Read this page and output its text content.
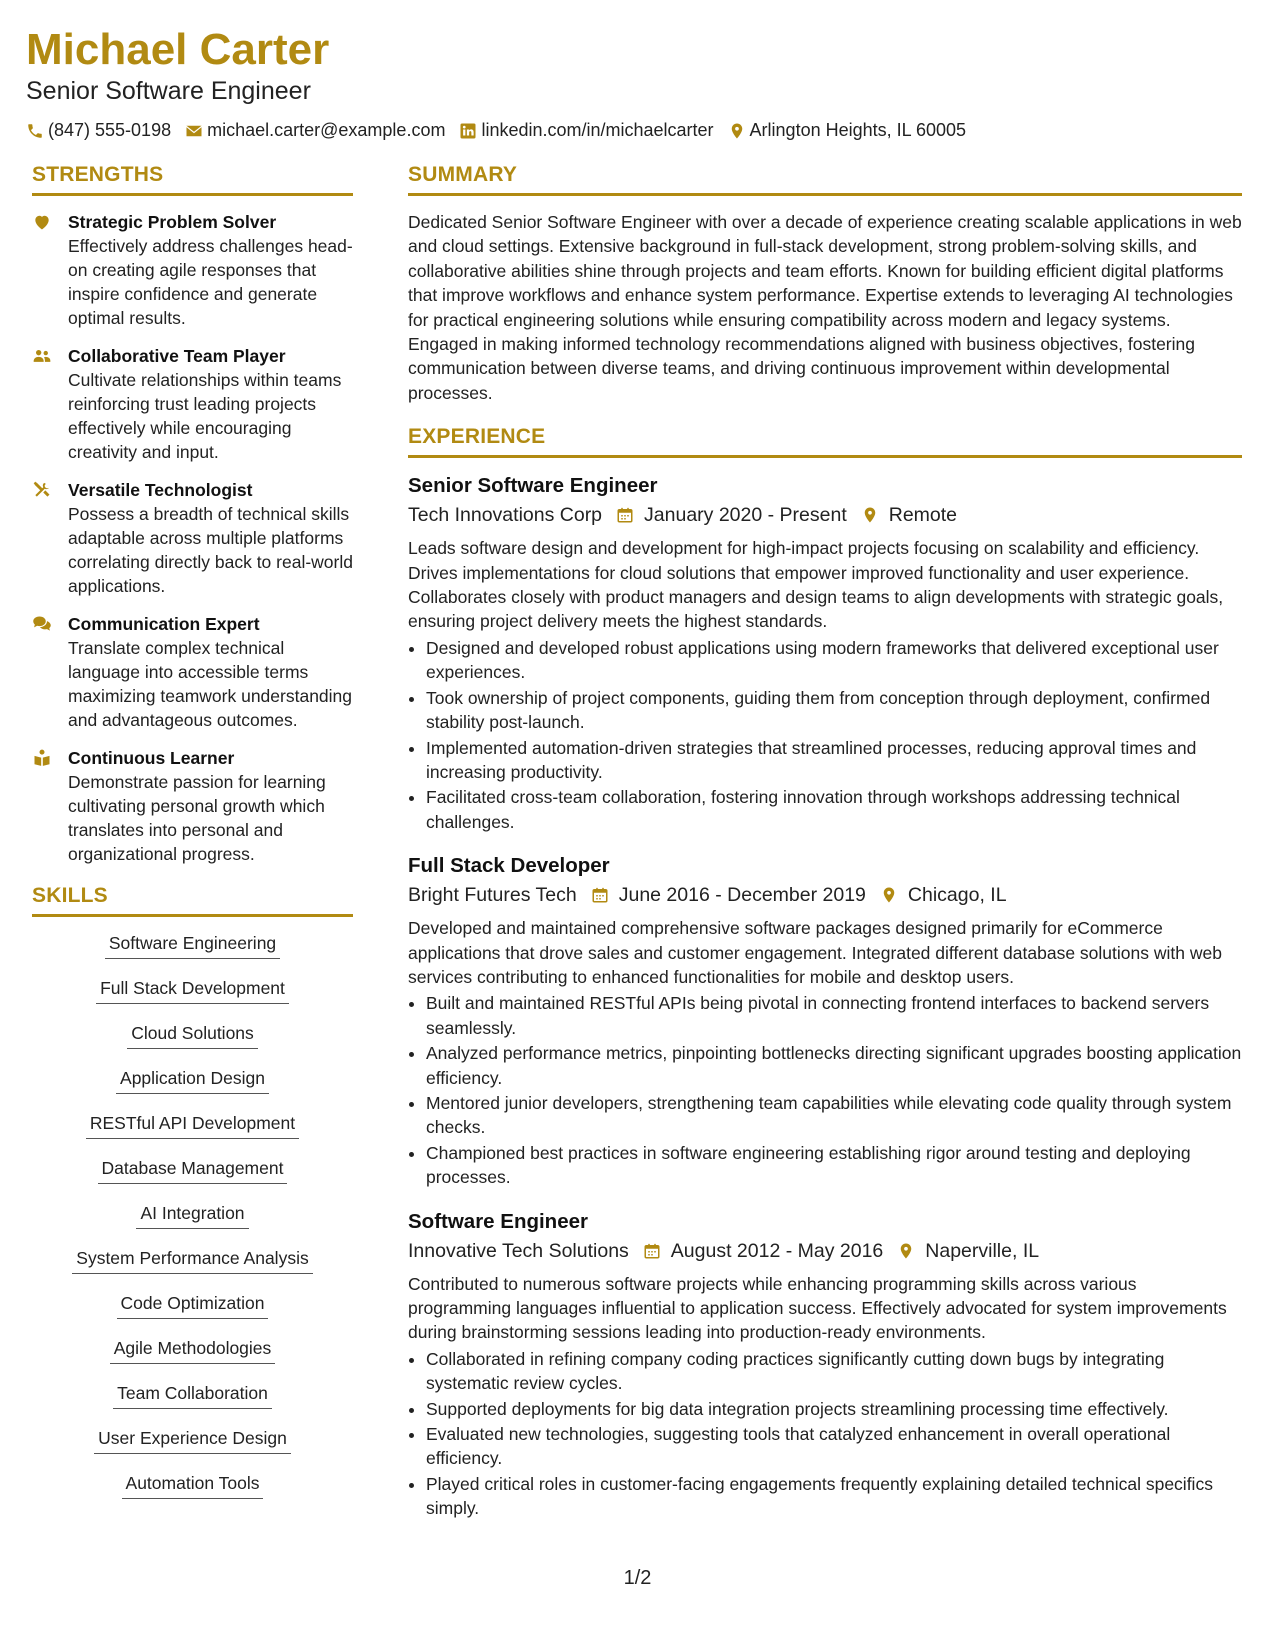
Michael Carter
Senior Software Engineer
(847) 555-0198 michael.carter@example.com linkedin.com/in/michaelcarter Arlington Heights, IL 60005
STRENGTHS
Strategic Problem Solver
Effectively address challenges head-on creating agile responses that inspire confidence and generate optimal results.
Collaborative Team Player
Cultivate relationships within teams reinforcing trust leading projects effectively while encouraging creativity and input.
Versatile Technologist
Possess a breadth of technical skills adaptable across multiple platforms correlating directly back to real-world applications.
Communication Expert
Translate complex technical language into accessible terms maximizing teamwork understanding and advantageous outcomes.
Continuous Learner
Demonstrate passion for learning cultivating personal growth which translates into personal and organizational progress.
SKILLS
Software Engineering
Full Stack Development
Cloud Solutions
Application Design
RESTful API Development
Database Management
AI Integration
System Performance Analysis
Code Optimization
Agile Methodologies
Team Collaboration
User Experience Design
Automation Tools
SUMMARY
Dedicated Senior Software Engineer with over a decade of experience creating scalable applications in web and cloud settings. Extensive background in full-stack development, strong problem-solving skills, and collaborative abilities shine through projects and team efforts. Known for building efficient digital platforms that improve workflows and enhance system performance. Expertise extends to leveraging AI technologies for practical engineering solutions while ensuring compatibility across modern and legacy systems. Engaged in making informed technology recommendations aligned with business objectives, fostering communication between diverse teams, and driving continuous improvement within developmental processes.
EXPERIENCE
Senior Software Engineer
Tech Innovations Corp January 2020 - Present Remote
Leads software design and development for high-impact projects focusing on scalability and efficiency. Drives implementations for cloud solutions that empower improved functionality and user experience. Collaborates closely with product managers and design teams to align developments with strategic goals, ensuring project delivery meets the highest standards.
• Designed and developed robust applications using modern frameworks that delivered exceptional user experiences.
• Took ownership of project components, guiding them from conception through deployment, confirmed stability post-launch.
• Implemented automation-driven strategies that streamlined processes, reducing approval times and increasing productivity.
• Facilitated cross-team collaboration, fostering innovation through workshops addressing technical challenges.
Full Stack Developer
Bright Futures Tech June 2016 - December 2019 Chicago, IL
Developed and maintained comprehensive software packages designed primarily for eCommerce applications that drove sales and customer engagement. Integrated different database solutions with web services contributing to enhanced functionalities for mobile and desktop users.
• Built and maintained RESTful APIs being pivotal in connecting frontend interfaces to backend servers seamlessly.
• Analyzed performance metrics, pinpointing bottlenecks directing significant upgrades boosting application efficiency.
• Mentored junior developers, strengthening team capabilities while elevating code quality through system checks.
• Championed best practices in software engineering establishing rigor around testing and deploying processes.
Software Engineer
Innovative Tech Solutions August 2012 - May 2016 Naperville, IL
Contributed to numerous software projects while enhancing programming skills across various programming languages influential to application success. Effectively advocated for system improvements during brainstorming sessions leading into production-ready environments.
• Collaborated in refining company coding practices significantly cutting down bugs by integrating systematic review cycles.
• Supported deployments for big data integration projects streamlining processing time effectively.
• Evaluated new technologies, suggesting tools that catalyzed enhancement in overall operational efficiency.
• Played critical roles in customer-facing engagements frequently explaining detailed technical specifics simply.
1/2
